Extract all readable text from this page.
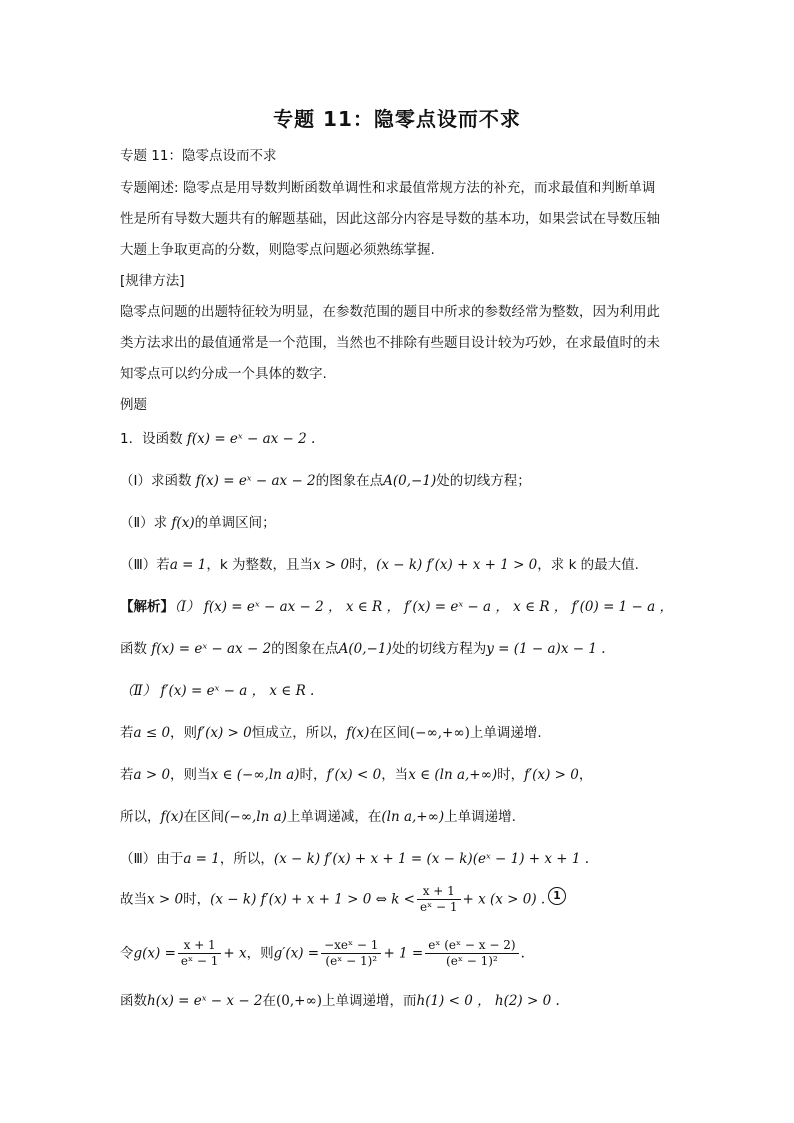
专题 11：隐零点设而不求
专题 11：隐零点设而不求
专题阐述: 隐零点是用导数判断函数单调性和求最值常规方法的补充，而求最值和判断单调
性是所有导数大题共有的解题基础，因此这部分内容是导数的基本功，如果尝试在导数压轴
大题上争取更高的分数，则隐零点问题必须熟练掌握.
[规律方法]
隐零点问题的出题特征较为明显，在参数范围的题目中所求的参数经常为整数，因为利用此
类方法求出的最值通常是一个范围，当然也不排除有些题目设计较为巧妙，在求最值时的未
知零点可以约分成一个具体的数字.
例题
1．设函数 f(x) = eˣ − ax − 2 .
（Ⅰ）求函数 f(x) = eˣ − ax − 2的图象在点A(0,−1)处的切线方程；
（Ⅱ）求 f(x)的单调区间；
（Ⅲ）若a = 1，k 为整数，且当x > 0时，(x − k) f′(x) + x + 1 > 0，求 k 的最大值.
【解析】（Ⅰ） f(x) = eˣ − ax − 2 ， x ∈ R ， f′(x) = eˣ − a ， x ∈ R ， f′(0) = 1 − a ，
函数 f(x) = eˣ − ax − 2的图象在点A(0,−1)处的切线方程为y = (1 − a)x − 1 .
（Ⅱ） f′(x) = eˣ − a ， x ∈ R .
若a ≤ 0，则f′(x) > 0恒成立，所以，f(x)在区间(−∞,+∞)上单调递增.
若a > 0，则当x ∈ (−∞,ln a)时，f′(x) < 0，当x ∈ (ln a,+∞)时，f′(x) > 0，
所以，f(x)在区间(−∞,ln a)上单调递减，在(ln a,+∞)上单调递增.
（Ⅲ）由于a = 1，所以，(x − k) f′(x) + x + 1 = (x − k)(eˣ − 1) + x + 1 .
故当x > 0时，(x − k) f′(x) + x + 1 > 0 ⇔ $k < \frac{x + 1}{\text{eˣ − 1}} + x$ (x > 0) . 1
令$g(x) = \frac{x + 1}{\text{eˣ − 1}} + x$，则$g'(x) = \frac{\text{−xeˣ − 1}}{\text{(eˣ − 1)²}} + 1 = \frac{\text{eˣ (eˣ − x − 2)}}{\text{(eˣ − 1)²}}$ .
函数h(x) = eˣ − x − 2在(0,+∞)上单调递增，而h(1) < 0 ， h(2) > 0 .
